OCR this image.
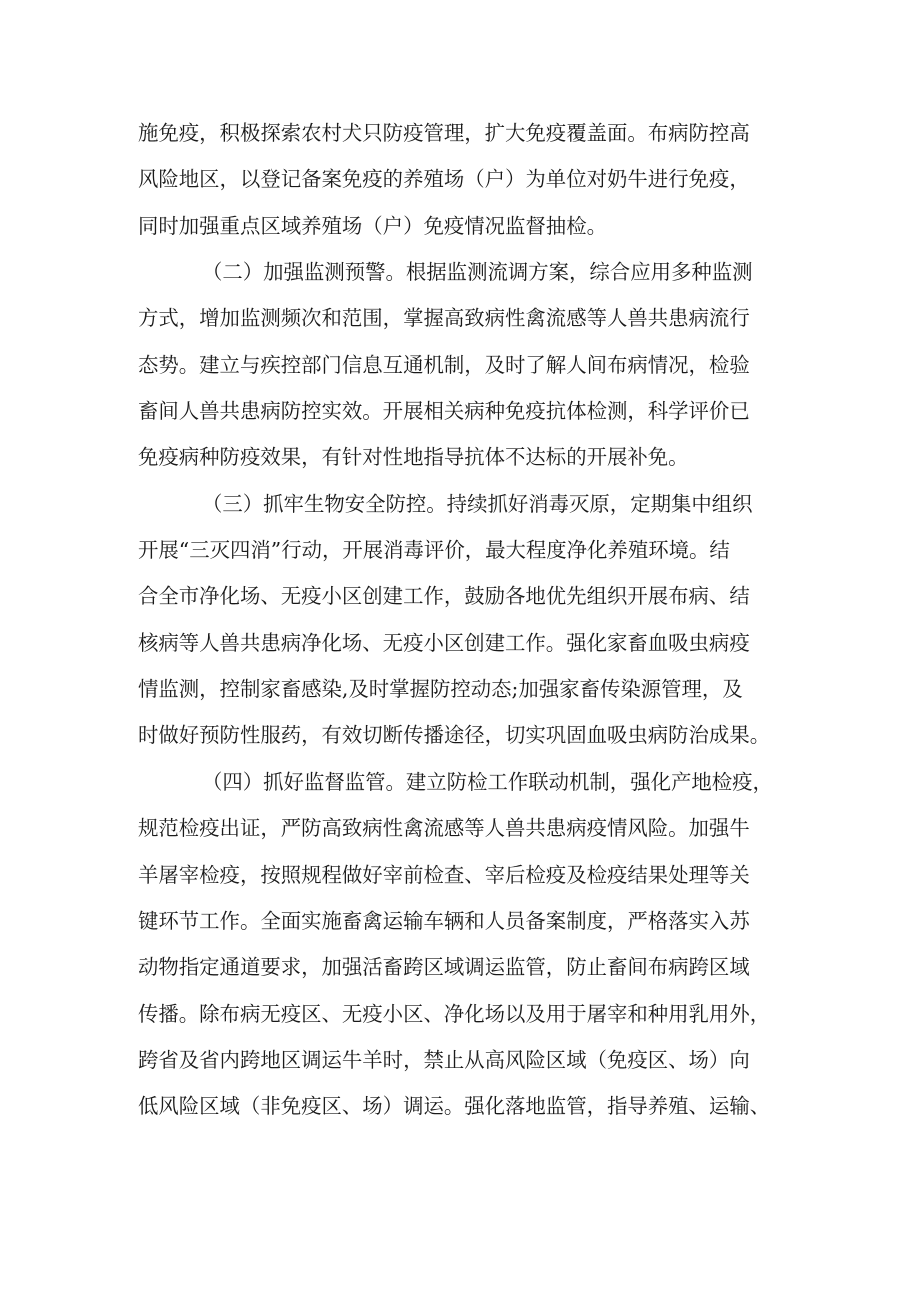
施免疫，积极探索农村犬只防疫管理，扩大免疫覆盖面。布病防控高
风险地区，以登记备案免疫的养殖场（户）为单位对奶牛进行免疫，
同时加强重点区域养殖场（户）免疫情况监督抽检。
（二）加强监测预警。根据监测流调方案，综合应用多种监测
方式，增加监测频次和范围，掌握高致病性禽流感等人兽共患病流行
态势。建立与疾控部门信息互通机制，及时了解人间布病情况，检验
畜间人兽共患病防控实效。开展相关病种免疫抗体检测，科学评价已
免疫病种防疫效果，有针对性地指导抗体不达标的开展补免。
（三）抓牢生物安全防控。持续抓好消毒灭原，定期集中组织
开展“三灭四消”行动，开展消毒评价，最大程度净化养殖环境。结
合全市净化场、无疫小区创建工作，鼓励各地优先组织开展布病、结
核病等人兽共患病净化场、无疫小区创建工作。强化家畜血吸虫病疫
情监测，控制家畜感染,及时掌握防控动态;加强家畜传染源管理，及
时做好预防性服药，有效切断传播途径，切实巩固血吸虫病防治成果。
（四）抓好监督监管。建立防检工作联动机制，强化产地检疫，
规范检疫出证，严防高致病性禽流感等人兽共患病疫情风险。加强牛
羊屠宰检疫，按照规程做好宰前检查、宰后检疫及检疫结果处理等关
键环节工作。全面实施畜禽运输车辆和人员备案制度，严格落实入苏
动物指定通道要求，加强活畜跨区域调运监管，防止畜间布病跨区域
传播。除布病无疫区、无疫小区、净化场以及用于屠宰和种用乳用外，
跨省及省内跨地区调运牛羊时，禁止从高风险区域（免疫区、场）向
低风险区域（非免疫区、场）调运。强化落地监管，指导养殖、运输、
